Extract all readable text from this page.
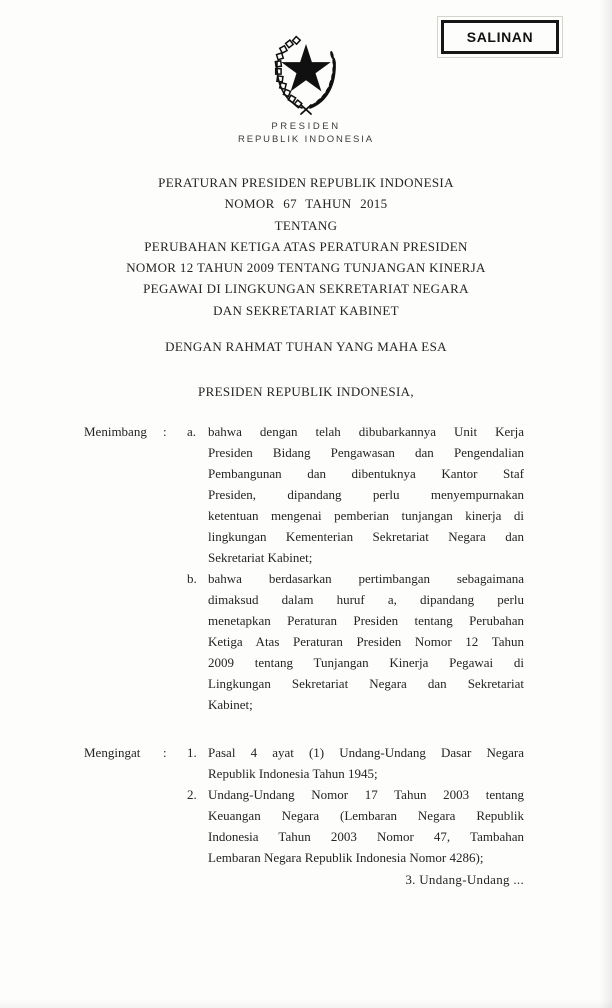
SALINAN
PRESIDEN
REPUBLIK INDONESIA
PERATURAN PRESIDEN REPUBLIK INDONESIA
NOMOR 67 TAHUN 2015
TENTANG
PERUBAHAN KETIGA ATAS PERATURAN PRESIDEN
NOMOR 12 TAHUN 2009 TENTANG TUNJANGAN KINERJA
PEGAWAI DI LINGKUNGAN SEKRETARIAT NEGARA
DAN SEKRETARIAT KABINET
DENGAN RAHMAT TUHAN YANG MAHA ESA
PRESIDEN REPUBLIK INDONESIA,
Menimbang	:	a. bahwa dengan telah dibubarkannya Unit Kerja
Presiden Bidang Pengawasan dan Pengendalian
Pembangunan dan dibentuknya Kantor Staf
Presiden, dipandang perlu menyempurnakan
ketentuan mengenai pemberian tunjangan kinerja di
lingkungan Kementerian Sekretariat Negara dan
Sekretariat Kabinet;
b. bahwa berdasarkan pertimbangan sebagaimana
dimaksud dalam huruf a, dipandang perlu
menetapkan Peraturan Presiden tentang Perubahan
Ketiga Atas Peraturan Presiden Nomor 12 Tahun
2009 tentang Tunjangan Kinerja Pegawai di
Lingkungan Sekretariat Negara dan Sekretariat
Kabinet;
Mengingat	:	1. Pasal 4 ayat (1) Undang-Undang Dasar Negara
Republik Indonesia Tahun 1945;
2. Undang-Undang Nomor 17 Tahun 2003 tentang
Keuangan Negara (Lembaran Negara Republik
Indonesia Tahun 2003 Nomor 47, Tambahan
Lembaran Negara Republik Indonesia Nomor 4286);
3. Undang-Undang ...
